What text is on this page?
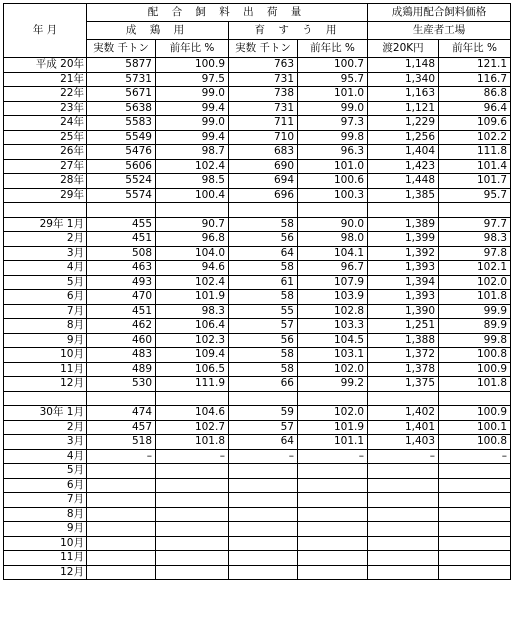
年 月	配 合 飼 料 出 荷 量				成鶏用配合飼料価格	
	成 鶏 用		育 す う 用		生産者工場	
	実数 千トン	前年比 %	実数 千トン	前年比 %	渡20K円	前年比 %
平成 20年	5877	100.9	763	100.7	1,148	121.1
21年	5731	97.5	731	95.7	1,340	116.7
22年	5671	99.0	738	101.0	1,163	86.8
23年	5638	99.4	731	99.0	1,121	96.4
24年	5583	99.0	711	97.3	1,229	109.6
25年	5549	99.4	710	99.8	1,256	102.2
26年	5476	98.7	683	96.3	1,404	111.8
27年	5606	102.4	690	101.0	1,423	101.4
28年	5524	98.5	694	100.6	1,448	101.7
29年	5574	100.4	696	100.3	1,385	95.7

29年 1月	455	90.7	58	90.0	1,389	97.7
2月	451	96.8	56	98.0	1,399	98.3
3月	508	104.0	64	104.1	1,392	97.8
4月	463	94.6	58	96.7	1,393	102.1
5月	493	102.4	61	107.9	1,394	102.0
6月	470	101.9	58	103.9	1,393	101.8
7月	451	98.3	55	102.8	1,390	99.9
8月	462	106.4	57	103.3	1,251	89.9
9月	460	102.3	56	104.5	1,388	99.8
10月	483	109.4	58	103.1	1,372	100.8
11月	489	106.5	58	102.0	1,378	100.9
12月	530	111.9	66	99.2	1,375	101.8

30年 1月	474	104.6	59	102.0	1,402	100.9
2月	457	102.7	57	101.9	1,401	100.1
3月	518	101.8	64	101.1	1,403	100.8
4月	–	–	–	–	–	–
5月						
6月						
7月						
8月						
9月						
10月						
11月						
12月						
